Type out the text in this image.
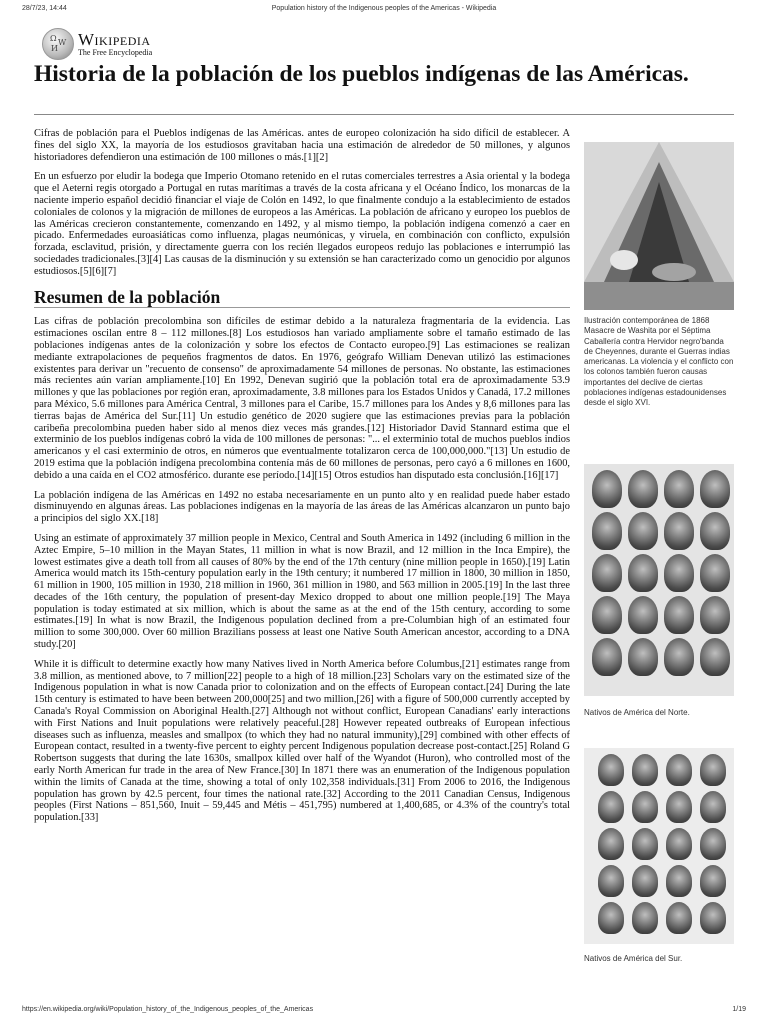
28/7/23, 14:44	Population history of the Indigenous peoples of the Americas - Wikipedia
Ω W
И Wikipedia
The Free Encyclopedia
Historia de la población de los pueblos indígenas de las Américas.

Cifras de población para el Pueblos indígenas de las Américas. antes de europeo colonización ha sido difícil de establecer. A fines del siglo XX, la mayoría de los estudiosos gravitaban hacia una estimación de alrededor de 50 millones, y algunos historiadores defendieron una estimación de 100 millones o más.[1][2]

En un esfuerzo por eludir la bodega que Imperio Otomano retenido en el rutas comerciales terrestres a Asia oriental y la bodega que el Aeterni regis otorgado a Portugal en rutas marítimas a través de la costa africana y el Océano Índico, los monarcas de la naciente imperio español decidió financiar el viaje de Colón en 1492, lo que finalmente condujo a la establecimiento de estados coloniales de colonos y la migración de millones de europeos a las Américas. La población de africano y europeo los pueblos de las Américas crecieron constantemente, comenzando en 1492, y al mismo tiempo, la población indígena comenzó a caer en picado. Enfermedades euroasiáticas como influenza, plagas neumónicas, y viruela, en combinación con conflicto, expulsión forzada, esclavitud, prisión, y directamente guerra con los recién llegados europeos redujo las poblaciones e interrumpió las sociedades tradicionales.[3][4] Las causas de la disminución y su extensión se han caracterizado como un genocidio por algunos estudiosos.[5][6][7]

Resumen de la población

Las cifras de población precolombina son difíciles de estimar debido a la naturaleza fragmentaria de la evidencia. Las estimaciones oscilan entre 8 – 112 millones.[8] Los estudiosos han variado ampliamente sobre el tamaño estimado de las poblaciones indígenas antes de la colonización y sobre los efectos de Contacto europeo.[9] Las estimaciones se realizan mediante extrapolaciones de pequeños fragmentos de datos. En 1976, geógrafo William Denevan utilizó las estimaciones existentes para derivar un "recuento de consenso" de aproximadamente 54 millones de personas. No obstante, las estimaciones más recientes aún varían ampliamente.[10] En 1992, Denevan sugirió que la población total era de aproximadamente 53.9 millones y que las poblaciones por región eran, aproximadamente, 3.8 millones para los Estados Unidos y Canadá, 17.2 millones para México, 5.6 millones para América Central, 3 millones para el Caribe, 15.7 millones para los Andes y 8,6 millones para las tierras bajas de América del Sur.[11] Un estudio genético de 2020 sugiere que las estimaciones previas para la población caribeña precolombina pueden haber sido al menos diez veces más grandes.[12] Historiador David Stannard estima que el exterminio de los pueblos indígenas cobró la vida de 100 millones de personas: "... el exterminio total de muchos pueblos indios americanos y el casi exterminio de otros, en números que eventualmente totalizaron cerca de 100,000,000."[13] Un estudio de 2019 estima que la población indígena precolombina contenía más de 60 millones de personas, pero cayó a 6 millones en 1600, debido a una caída en el CO2 atmosférico. durante ese período.[14][15] Otros estudios han disputado esta conclusión.[16][17]

La población indígena de las Américas en 1492 no estaba necesariamente en un punto alto y en realidad puede haber estado disminuyendo en algunas áreas. Las poblaciones indígenas en la mayoría de las áreas de las Américas alcanzaron un punto bajo a principios del siglo XX.[18]

Using an estimate of approximately 37 million people in Mexico, Central and South America in 1492 (including 6 million in the Aztec Empire, 5–10 million in the Mayan States, 11 million in what is now Brazil, and 12 million in the Inca Empire), the lowest estimates give a death toll from all causes of 80% by the end of the 17th century (nine million people in 1650).[19] Latin America would match its 15th-century population early in the 19th century; it numbered 17 million in 1800, 30 million in 1850, 61 million in 1900, 105 million in 1930, 218 million in 1960, 361 million in 1980, and 563 million in 2005.[19] In the last three decades of the 16th century, the population of present-day Mexico dropped to about one million people.[19] The Maya population is today estimated at six million, which is about the same as at the end of the 15th century, according to some estimates.[19] In what is now Brazil, the Indigenous population declined from a pre-Columbian high of an estimated four million to some 300,000. Over 60 million Brazilians possess at least one Native South American ancestor, according to a DNA study.[20]

While it is difficult to determine exactly how many Natives lived in North America before Columbus,[21] estimates range from 3.8 million, as mentioned above, to 7 million[22] people to a high of 18 million.[23] Scholars vary on the estimated size of the Indigenous population in what is now Canada prior to colonization and on the effects of European contact.[24] During the late 15th century is estimated to have been between 200,000[25] and two million,[26] with a figure of 500,000 currently accepted by Canada's Royal Commission on Aboriginal Health.[27] Although not without conflict, European Canadians' early interactions with First Nations and Inuit populations were relatively peaceful.[28] However repeated outbreaks of European infectious diseases such as influenza, measles and smallpox (to which they had no natural immunity),[29] combined with other effects of European contact, resulted in a twenty-five percent to eighty percent Indigenous population decrease post-contact.[25] Roland G Robertson suggests that during the late 1630s, smallpox killed over half of the Wyandot (Huron), who controlled most of the early North American fur trade in the area of New France.[30] In 1871 there was an enumeration of the Indigenous population within the limits of Canada at the time, showing a total of only 102,358 individuals.[31] From 2006 to 2016, the Indigenous population has grown by 42.5 percent, four times the national rate.[32] According to the 2011 Canadian Census, Indigenous peoples (First Nations – 851,560, Inuit – 59,445 and Métis – 451,795) numbered at 1,400,685, or 4.3% of the country's total population.[33]

Ilustración contemporánea de 1868 Masacre de Washita por el Séptima Caballería contra Hervidor negro'banda de Cheyennes, durante el Guerras indias americanas. La violencia y el conflicto con los colonos también fueron causas importantes del declive de ciertas poblaciones indígenas estadounidenses desde el siglo XVI.
Nativos de América del Norte.
Nativos de América del Sur.
https://en.wikipedia.org/wiki/Population_history_of_the_Indigenous_peoples_of_the_Americas	1/19
